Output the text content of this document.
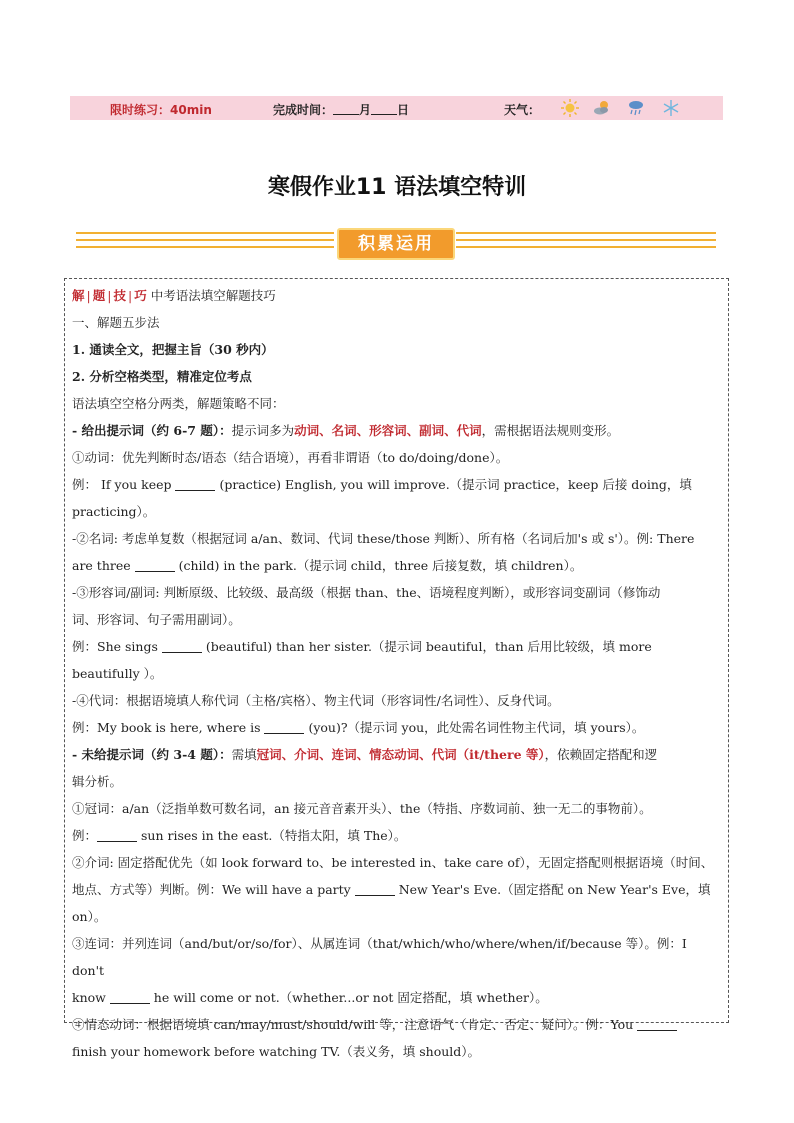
限时练习：40min	完成时间： 月 日	天气：
寒假作业11 语法填空特训
积累运用

解 | 题 | 技 | 巧 中考语法填空解题技巧

一、解题五步法

1. 通读全文，把握主旨（30 秒内）

2. 分析空格类型，精准定位考点

语法填空空格分两类，解题策略不同：

- 给出提示词（约 6-7 题）：提示词多为动词、名词、形容词、副词、代词，需根据语法规则变形。

①动词：优先判断时态/语态（结合语境），再看非谓语（to do/doing/done）。

例： If you keep	(practice) English, you will improve.（提示词 practice，keep 后接 doing，填

practicing）。

-②名词: 考虑单复数（根据冠词 a/an、数词、代词 these/those 判断）、所有格（名词后加's 或 s'）。例: There

are three	(child) in the park.（提示词 child，three 后接复数，填 children）。

-③形容词/副词: 判断原级、比较级、最高级（根据 than、the、语境程度判断），或形容词变副词（修饰动

词、形容词、句子需用副词）。

例：She sings	(beautiful) than her sister.（提示词 beautiful，than 后用比较级，填 more beautifully ）。

-④代词：根据语境填人称代词（主格/宾格）、物主代词（形容词性/名词性）、反身代词。

例：My book is here, where is	(you)?（提示词 you，此处需名词性物主代词，填 yours）。

- 未给提示词（约 3-4 题）：需填冠词、介词、连词、情态动词、代词（it/there 等），依赖固定搭配和逻

辑分析。

①冠词：a/an（泛指单数可数名词，an 接元音音素开头）、the（特指、序数词前、独一无二的事物前）。

例：	sun rises in the east.（特指太阳，填 The）。

②介词: 固定搭配优先（如 look forward to、be interested in、take care of），无固定搭配则根据语境（时间、

地点、方式等）判断。例：We will have a party	New Year's Eve.（固定搭配 on New Year's Eve，填

on）。

③连词：并列连词（and/but/or/so/for）、从属连词（that/which/who/where/when/if/because 等）。例：I don't

know	he will come or not.（whether...or not 固定搭配，填 whether）。

④情态动词：根据语境填 can/may/must/should/will 等，注意语气（肯定、否定、疑问）。例：You

finish your homework before watching TV.（表义务，填 should）。
